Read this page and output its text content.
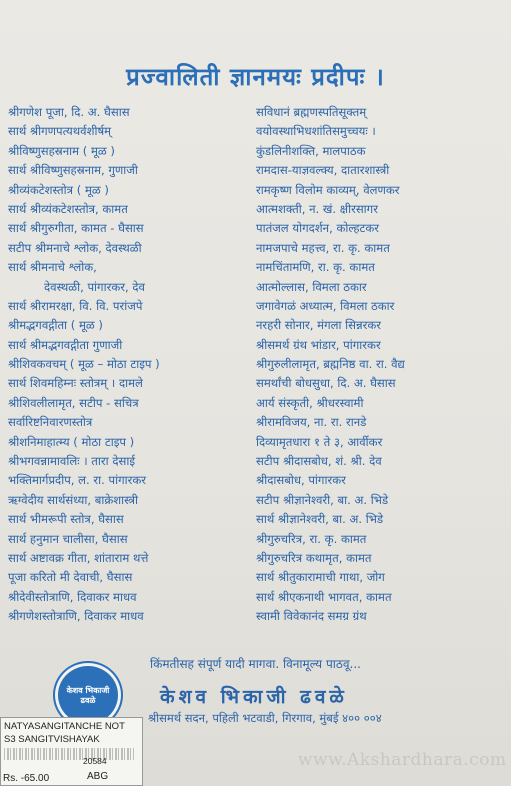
प्रज्वालिती ज्ञानमयः प्रदीपः ।
श्रीगणेश पूजा, दि. अ. घैसास
सार्थ श्रीगणपत्यथर्वशीर्षम्
श्रीविष्णुसहस्रनाम ( मूळ )
सार्थ श्रीविष्णुसहस्रनाम, गुणाजी
श्रीव्यंकटेशस्तोत्र ( मूळ )
सार्थ श्रीव्यंकटेशस्तोत्र, कामत
सार्थ श्रीगुरुगीता, कामत - घैसास
सटीप श्रीमनाचे श्लोक, देवस्थळी
सार्थ श्रीमनाचे श्लोक,
देवस्थळी, पांगारकर, देव
सार्थ श्रीरामरक्षा, वि. वि. परांजपे
श्रीमद्भगवद्गीता ( मूळ )
सार्थ श्रीमद्भगवद्गीता गुणाजी
श्रीशिवकवचम् ( मूळ – मोठा टाइप )
सार्थ शिवमहिम्नः स्तोत्रम् । दामले
श्रीशिवलीलामृत, सटीप - सचित्र
सर्वारिष्टनिवारणस्तोत्र
श्रीशनिमाहात्म्य ( मोठा टाइप )
श्रीभगवन्नामावलिः । तारा देसाई
भक्तिमार्गप्रदीप, ल. रा. पांगारकर
ऋग्वेदीय सार्थसंध्या, बाक्रेशास्त्री
सार्थ भीमरूपी स्तोत्र, घैसास
सार्थ हनुमान चालीसा, घैसास
सार्थ अष्टावक्र गीता, शांताराम थत्ते
पूजा करितो मी देवाची, घैसास
श्रीदेवीस्तोत्राणि, दिवाकर माधव
श्रीगणेशस्तोत्राणि, दिवाकर माधव
सविधानं ब्रह्मणस्पतिसूक्तम्
वयोवस्थाभिधशांतिसमुच्चयः ।
कुंडलिनीशक्ति, मालपाठक
रामदास-याज्ञवल्क्य, दातारशास्त्री
रामकृष्ण विलोम काव्यम्, वेलणकर
आत्मशक्ती, न. खं. क्षीरसागर
पातंजल योगदर्शन, कोल्हटकर
नामजपाचे महत्त्व, रा. कृ. कामत
नामचिंतामणि, रा. कृ. कामत
आत्मोल्लास, विमला ठकार
जगावेगळं अध्यात्म, विमला ठकार
नरहरी सोनार, मंगला सिन्नरकर
श्रीसमर्थ ग्रंथ भांडार, पांगारकर
श्रीगुरुलीलामृत, ब्रह्मनिष्ठ वा. रा. वैद्य
समर्थांची बोधसुधा, दि. अ. घैसास
आर्य संस्कृती, श्रीधरस्वामी
श्रीरामविजय, ना. रा. रानडे
दिव्यामृतधारा १ ते ३, आर्वीकर
सटीप श्रीदासबोध, शं. श्री. देव
श्रीदासबोध, पांगारकर
सटीप श्रीज्ञानेश्वरी, बा. अ. भिडे
सार्थ श्रीज्ञानेश्वरी, बा. अ. भिडे
श्रीगुरुचरित्र, रा. कृ. कामत
श्रीगुरुचरित्र कथामृत, कामत
सार्थ श्रीतुकारामाची गाथा, जोग
सार्थ श्रीएकनाथी भागवत, कामत
स्वामी विवेकानंद समग्र ग्रंथ
किंमतीसह संपूर्ण यादी मागवा. विनामूल्य पाठवू...
केशव भिकाजी ढवळे	केशव भिकाजी ढवळे
श्रीसमर्थ सदन, पहिली भटवाडी, गिरगाव, मुंबई ४०० ००४
NATYASANGITANCHE NOT
S3 SANGITVISHAYAK
20584
Rs. -65.00	ABG
www.Akshardhara.com
